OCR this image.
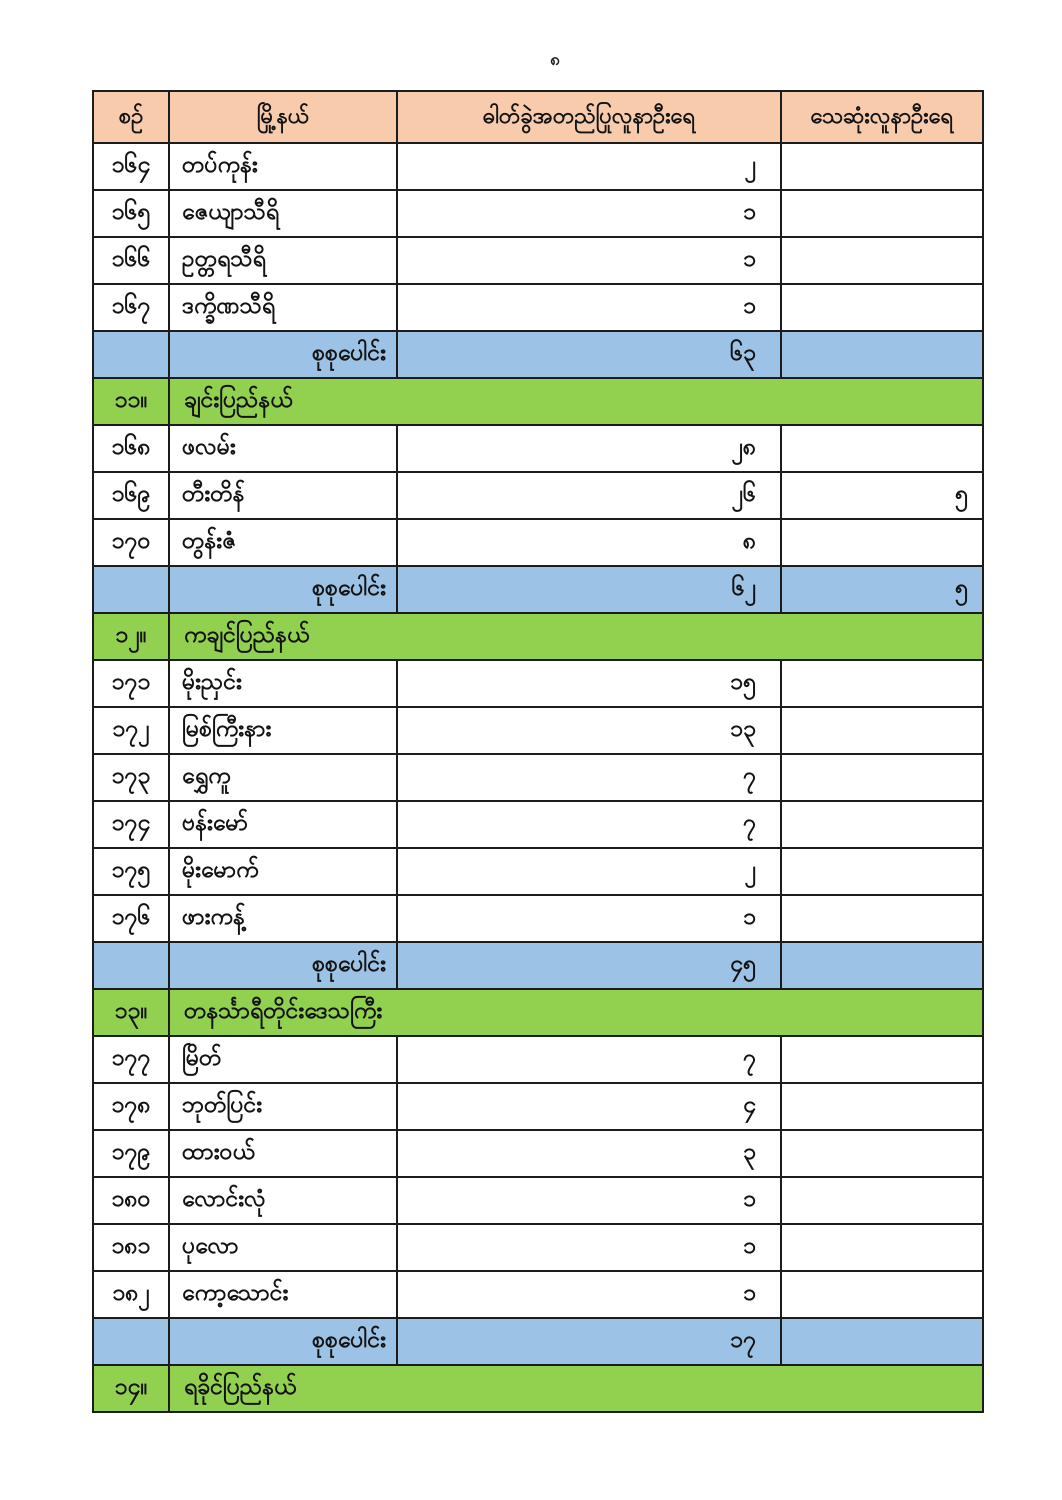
၈
စဉ်	မြို့နယ်	ဓါတ်ခွဲအတည်ပြုလူနာဦးရေ	သေဆုံးလူနာဦးရေ
၁၆၄	တပ်ကုန်း	၂	
၁၆၅	ဇေယျာသီရိ	၁	
၁၆၆	ဥတ္တရသီရိ	၁	
၁၆၇	ဒက္ခိဏသီရိ	၁	
	စုစုပေါင်း	၆၃	
၁၁။	ချင်းပြည်နယ်		
၁၆၈	ဖလမ်း	၂၈	
၁၆၉	တီးတိန်	၂၆	၅
၁၇၀	တွန်းဇံ	၈	
	စုစုပေါင်း	၆၂	၅
၁၂။	ကချင်ပြည်နယ်		
၁၇၁	မိုးညှင်း	၁၅	
၁၇၂	မြစ်ကြီးနား	၁၃	
၁၇၃	ရွှေကူ	၇	
၁၇၄	ဗန်းမော်	၇	
၁၇၅	မိုးမောက်	၂	
၁၇၆	ဖားကန့်	၁	
	စုစုပေါင်း	၄၅	
၁၃။	တနင်္သာရီတိုင်းဒေသကြီး		
၁၇၇	မြိတ်	၇	
၁၇၈	ဘုတ်ပြင်း	၄	
၁၇၉	ထားဝယ်	၃	
၁၈၀	လောင်းလုံ	၁	
၁၈၁	ပုလော	၁	
၁၈၂	ကော့သောင်း	၁	
	စုစုပေါင်း	၁၇	
၁၄။	ရခိုင်ပြည်နယ်		
